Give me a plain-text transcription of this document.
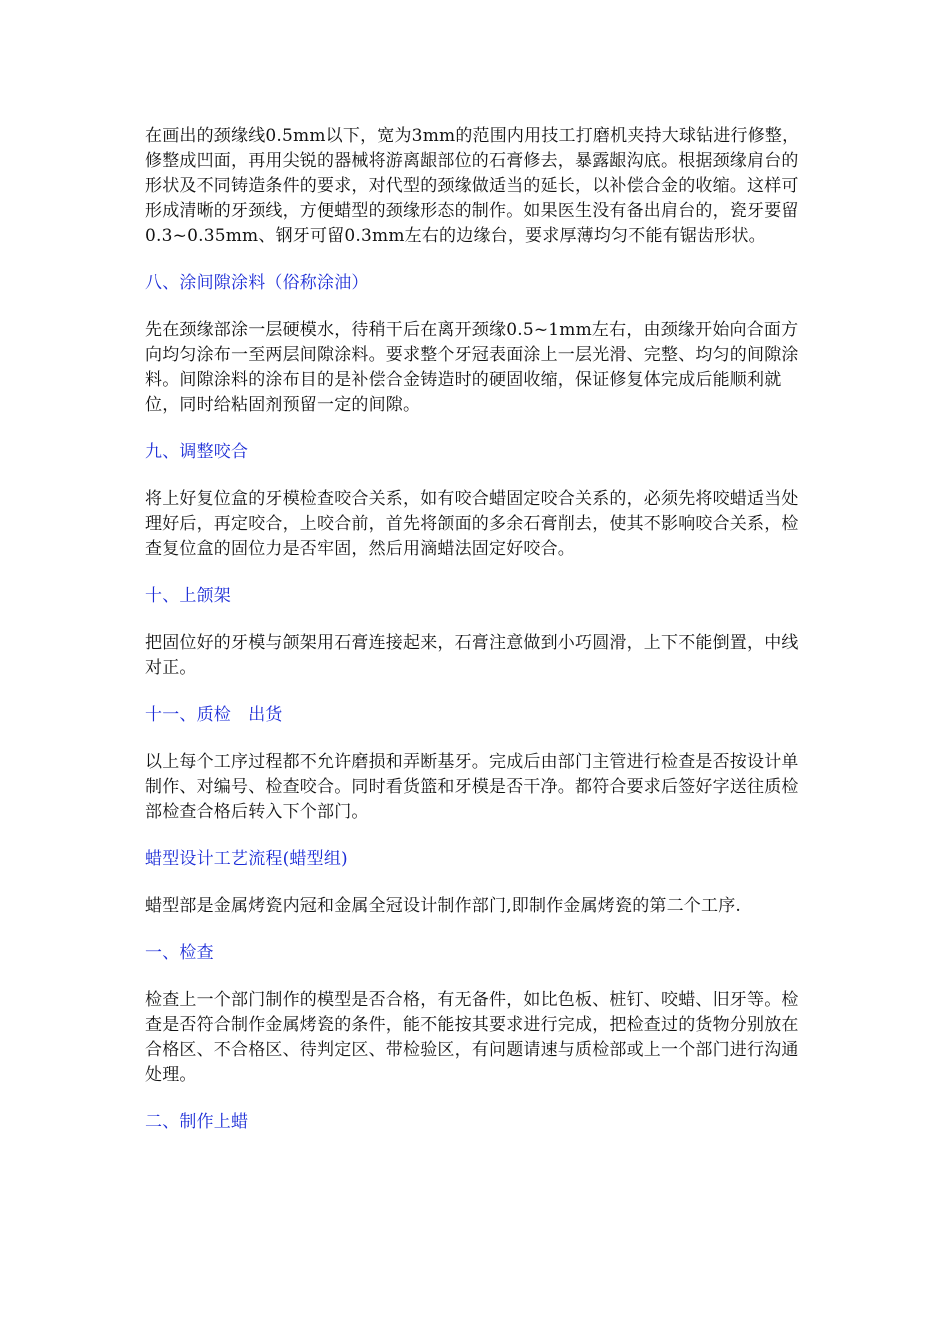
在画出的颈缘线0.5mm以下，宽为3mm的范围内用技工打磨机夹持大球钻进行修整，修整成凹面，再用尖锐的器械将游离龈部位的石膏修去，暴露龈沟底。根据颈缘肩台的形状及不同铸造条件的要求，对代型的颈缘做适当的延长，以补偿合金的收缩。这样可形成清晰的牙颈线，方便蜡型的颈缘形态的制作。如果医生没有备出肩台的，瓷牙要留0.3~0.35mm、钢牙可留0.3mm左右的边缘台，要求厚薄均匀不能有锯齿形状。

八、涂间隙涂料（俗称涂油）

先在颈缘部涂一层硬模水，待稍干后在离开颈缘0.5~1mm左右，由颈缘开始向合面方向均匀涂布一至两层间隙涂料。要求整个牙冠表面涂上一层光滑、完整、均匀的间隙涂料。间隙涂料的涂布目的是补偿合金铸造时的硬固收缩，保证修复体完成后能顺利就位，同时给粘固剂预留一定的间隙。

九、调整咬合

将上好复位盒的牙模检查咬合关系，如有咬合蜡固定咬合关系的，必须先将咬蜡适当处理好后，再定咬合，上咬合前，首先将颌面的多余石膏削去，使其不影响咬合关系，检查复位盒的固位力是否牢固，然后用滴蜡法固定好咬合。

十、上颌架

把固位好的牙模与颌架用石膏连接起来，石膏注意做到小巧圆滑，上下不能倒置，中线对正。

十一、质检　出货

以上每个工序过程都不允许磨损和弄断基牙。完成后由部门主管进行检查是否按设计单制作、对编号、检查咬合。同时看货篮和牙模是否干净。都符合要求后签好字送往质检部检查合格后转入下个部门。

蜡型设计工艺流程(蜡型组)

蜡型部是金属烤瓷内冠和金属全冠设计制作部门,即制作金属烤瓷的第二个工序.

一、检查

检查上一个部门制作的模型是否合格，有无备件，如比色板、桩钉、咬蜡、旧牙等。检查是否符合制作金属烤瓷的条件，能不能按其要求进行完成，把检查过的货物分别放在合格区、不合格区、待判定区、带检验区，有问题请速与质检部或上一个部门进行沟通处理。

二、制作上蜡
